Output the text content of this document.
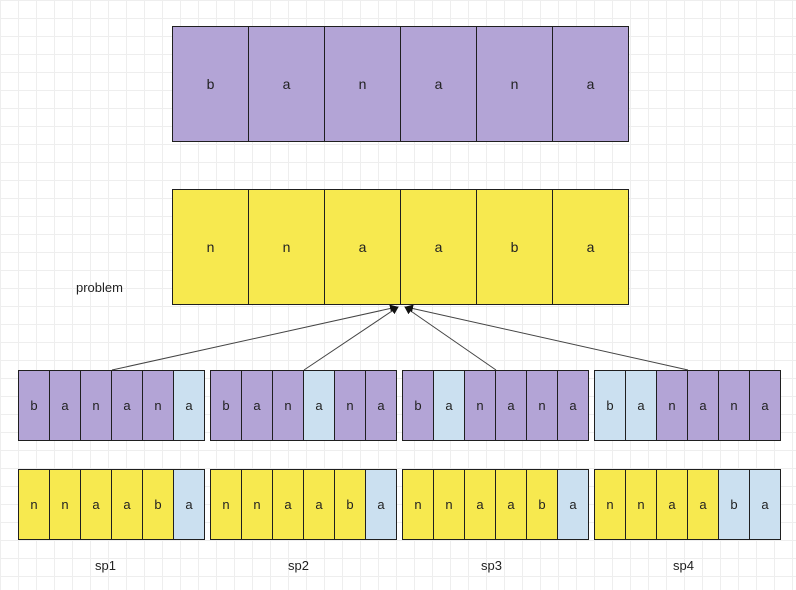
b	a	n	a	n	a
n	n	a	a	b	a
problem
b	a	n	a	n	a	b	a	n	a	n	a	b	a	n	a	n	a	b	a	n	a	n	a
n	n	a	a	b	a	n	n	a	a	b	a	n	n	a	a	b	a	n	n	a	a	b	a
sp1	sp2	sp3	sp4
